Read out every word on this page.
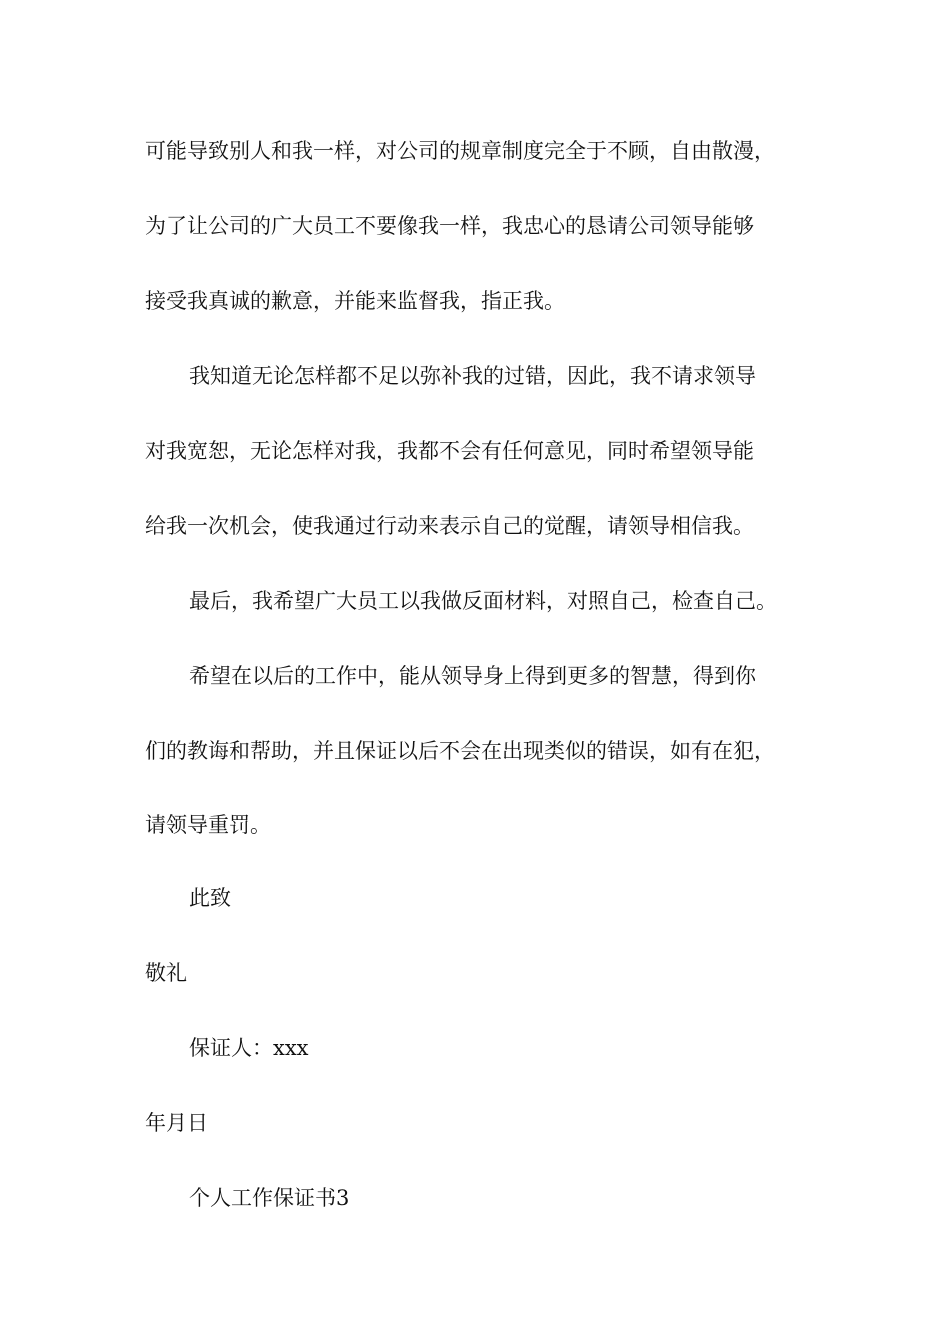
可能导致别人和我一样，对公司的规章制度完全于不顾，自由散漫，
为了让公司的广大员工不要像我一样，我忠心的恳请公司领导能够
接受我真诚的歉意，并能来监督我，指正我。
我知道无论怎样都不足以弥补我的过错，因此，我不请求领导
对我宽恕，无论怎样对我，我都不会有任何意见，同时希望领导能
给我一次机会，使我通过行动来表示自己的觉醒，请领导相信我。
最后，我希望广大员工以我做反面材料，对照自己，检查自己。
希望在以后的工作中，能从领导身上得到更多的智慧，得到你
们的教诲和帮助，并且保证以后不会在出现类似的错误，如有在犯，
请领导重罚。
此致
敬礼
保证人：xxx
年月日
个人工作保证书3
